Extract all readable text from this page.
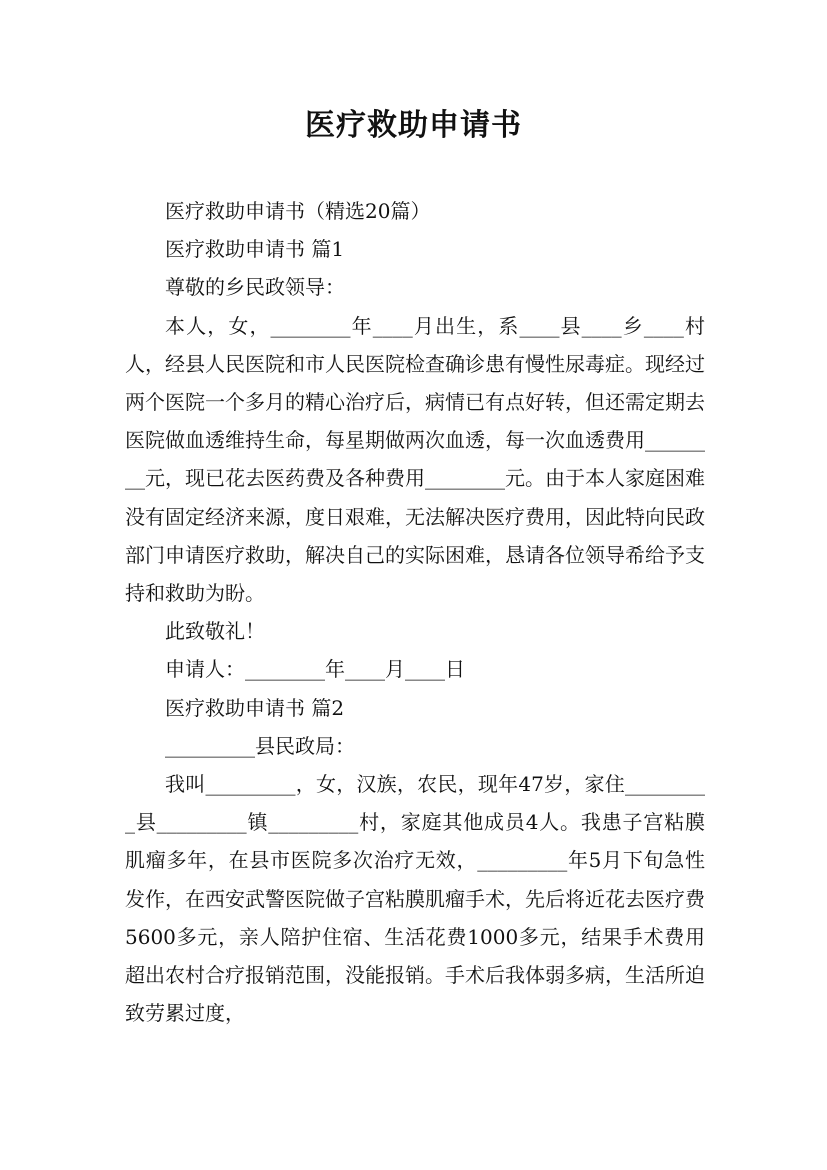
医疗救助申请书

医疗救助申请书（精选20篇）

医疗救助申请书 篇1

尊敬的乡民政领导：

本人，女，________年____月出生，系____县____乡____村人，经县人民医院和市人民医院检查确诊患有慢性尿毒症。现经过两个医院一个多月的精心治疗后，病情已有点好转，但还需定期去医院做血透维持生命，每星期做两次血透，每一次血透费用________元，现已花去医药费及各种费用________元。由于本人家庭困难没有固定经济来源，度日艰难，无法解决医疗费用，因此特向民政部门申请医疗救助，解决自己的实际困难，恳请各位领导希给予支持和救助为盼。

此致敬礼！

申请人：________年____月____日

医疗救助申请书 篇2

_________县民政局：

我叫_________，女，汉族，农民，现年47岁，家住_________县_________镇_________村，家庭其他成员4人。我患子宫粘膜肌瘤多年，在县市医院多次治疗无效，_________年5月下旬急性发作，在西安武警医院做子宫粘膜肌瘤手术，先后将近花去医疗费5600多元，亲人陪护住宿、生活花费1000多元，结果手术费用超出农村合疗报销范围，没能报销。手术后我体弱多病，生活所迫致劳累过度，
